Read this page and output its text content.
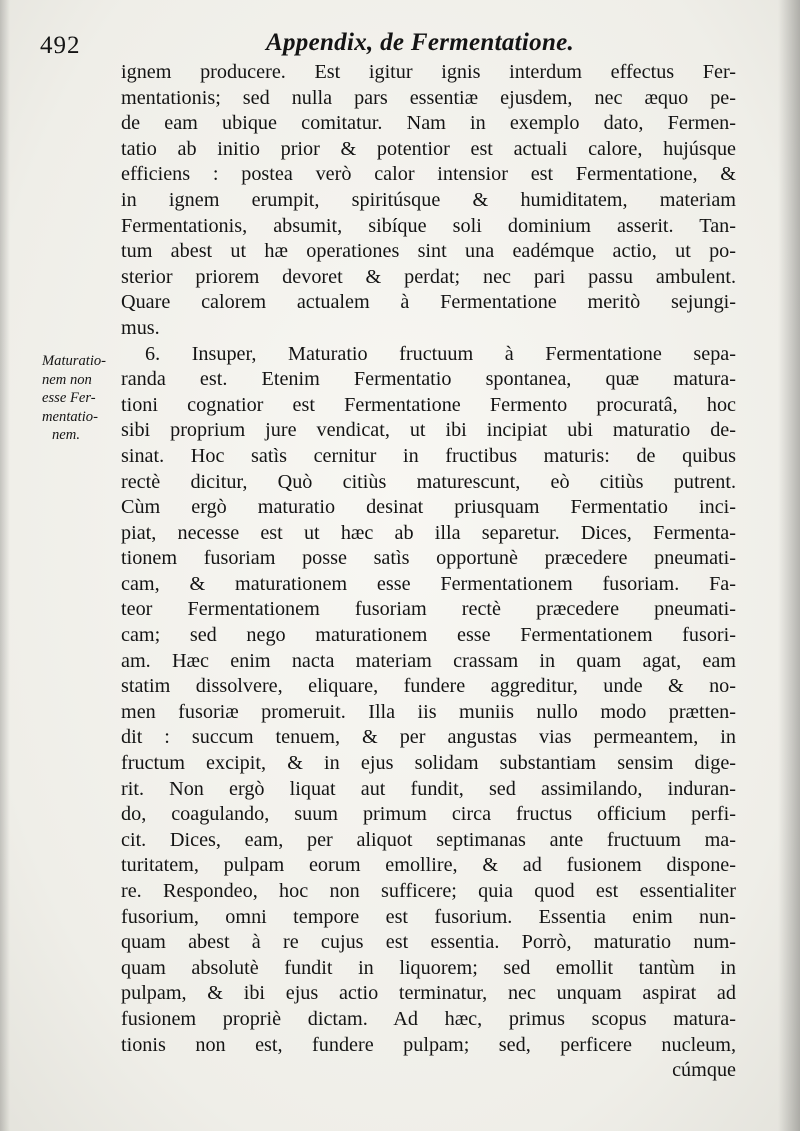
492	Appendix, de Fermentatione.
Maturatio-
nem non
esse Fer-
mentatio-
nem.
ignem producere. Est igitur ignis interdum effectus Fer-
mentationis; sed nulla pars essentiæ ejusdem, nec æquo pe-
de eam ubique comitatur. Nam in exemplo dato, Fermen-
tatio ab initio prior & potentior est actuali calore, hujúsque
efficiens : postea verò calor intensior est Fermentatione, &
in ignem erumpit, spiritúsque & humiditatem, materiam
Fermentationis, absumit, sibíque soli dominium asserit. Tan-
tum abest ut hæ operationes sint una eadémque actio, ut po-
sterior priorem devoret & perdat; nec pari passu ambulent.
Quare calorem actualem à Fermentatione meritò sejungi-
mus.
6. Insuper, Maturatio fructuum à Fermentatione sepa-
randa est. Etenim Fermentatio spontanea, quæ matura-
tioni cognatior est Fermentatione Fermento procuratâ, hoc
sibi proprium jure vendicat, ut ibi incipiat ubi maturatio de-
sinat. Hoc satìs cernitur in fructibus maturis: de quibus
rectè dicitur, Quò citiùs maturescunt, eò citiùs putrent.
Cùm ergò maturatio desinat priusquam Fermentatio inci-
piat, necesse est ut hæc ab illa separetur. Dices, Fermenta-
tionem fusoriam posse satìs opportunè præcedere pneumati-
cam, & maturationem esse Fermentationem fusoriam. Fa-
teor Fermentationem fusoriam rectè præcedere pneumati-
cam; sed nego maturationem esse Fermentationem fusori-
am. Hæc enim nacta materiam crassam in quam agat, eam
statim dissolvere, eliquare, fundere aggreditur, unde & no-
men fusoriæ promeruit. Illa iis muniis nullo modo prætten-
dit : succum tenuem, & per angustas vias permeantem, in
fructum excipit, & in ejus solidam substantiam sensim dige-
rit. Non ergò liquat aut fundit, sed assimilando, induran-
do, coagulando, suum primum circa fructus officium perfi-
cit. Dices, eam, per aliquot septimanas ante fructuum ma-
turitatem, pulpam eorum emollire, & ad fusionem dispone-
re. Respondeo, hoc non sufficere; quia quod est essentialiter
fusorium, omni tempore est fusorium. Essentia enim nun-
quam abest à re cujus est essentia. Porrò, maturatio num-
quam absolutè fundit in liquorem; sed emollit tantùm in
pulpam, & ibi ejus actio terminatur, nec unquam aspirat ad
fusionem propriè dictam. Ad hæc, primus scopus matura-
tionis non est, fundere pulpam; sed, perficere nucleum,
cúmque
